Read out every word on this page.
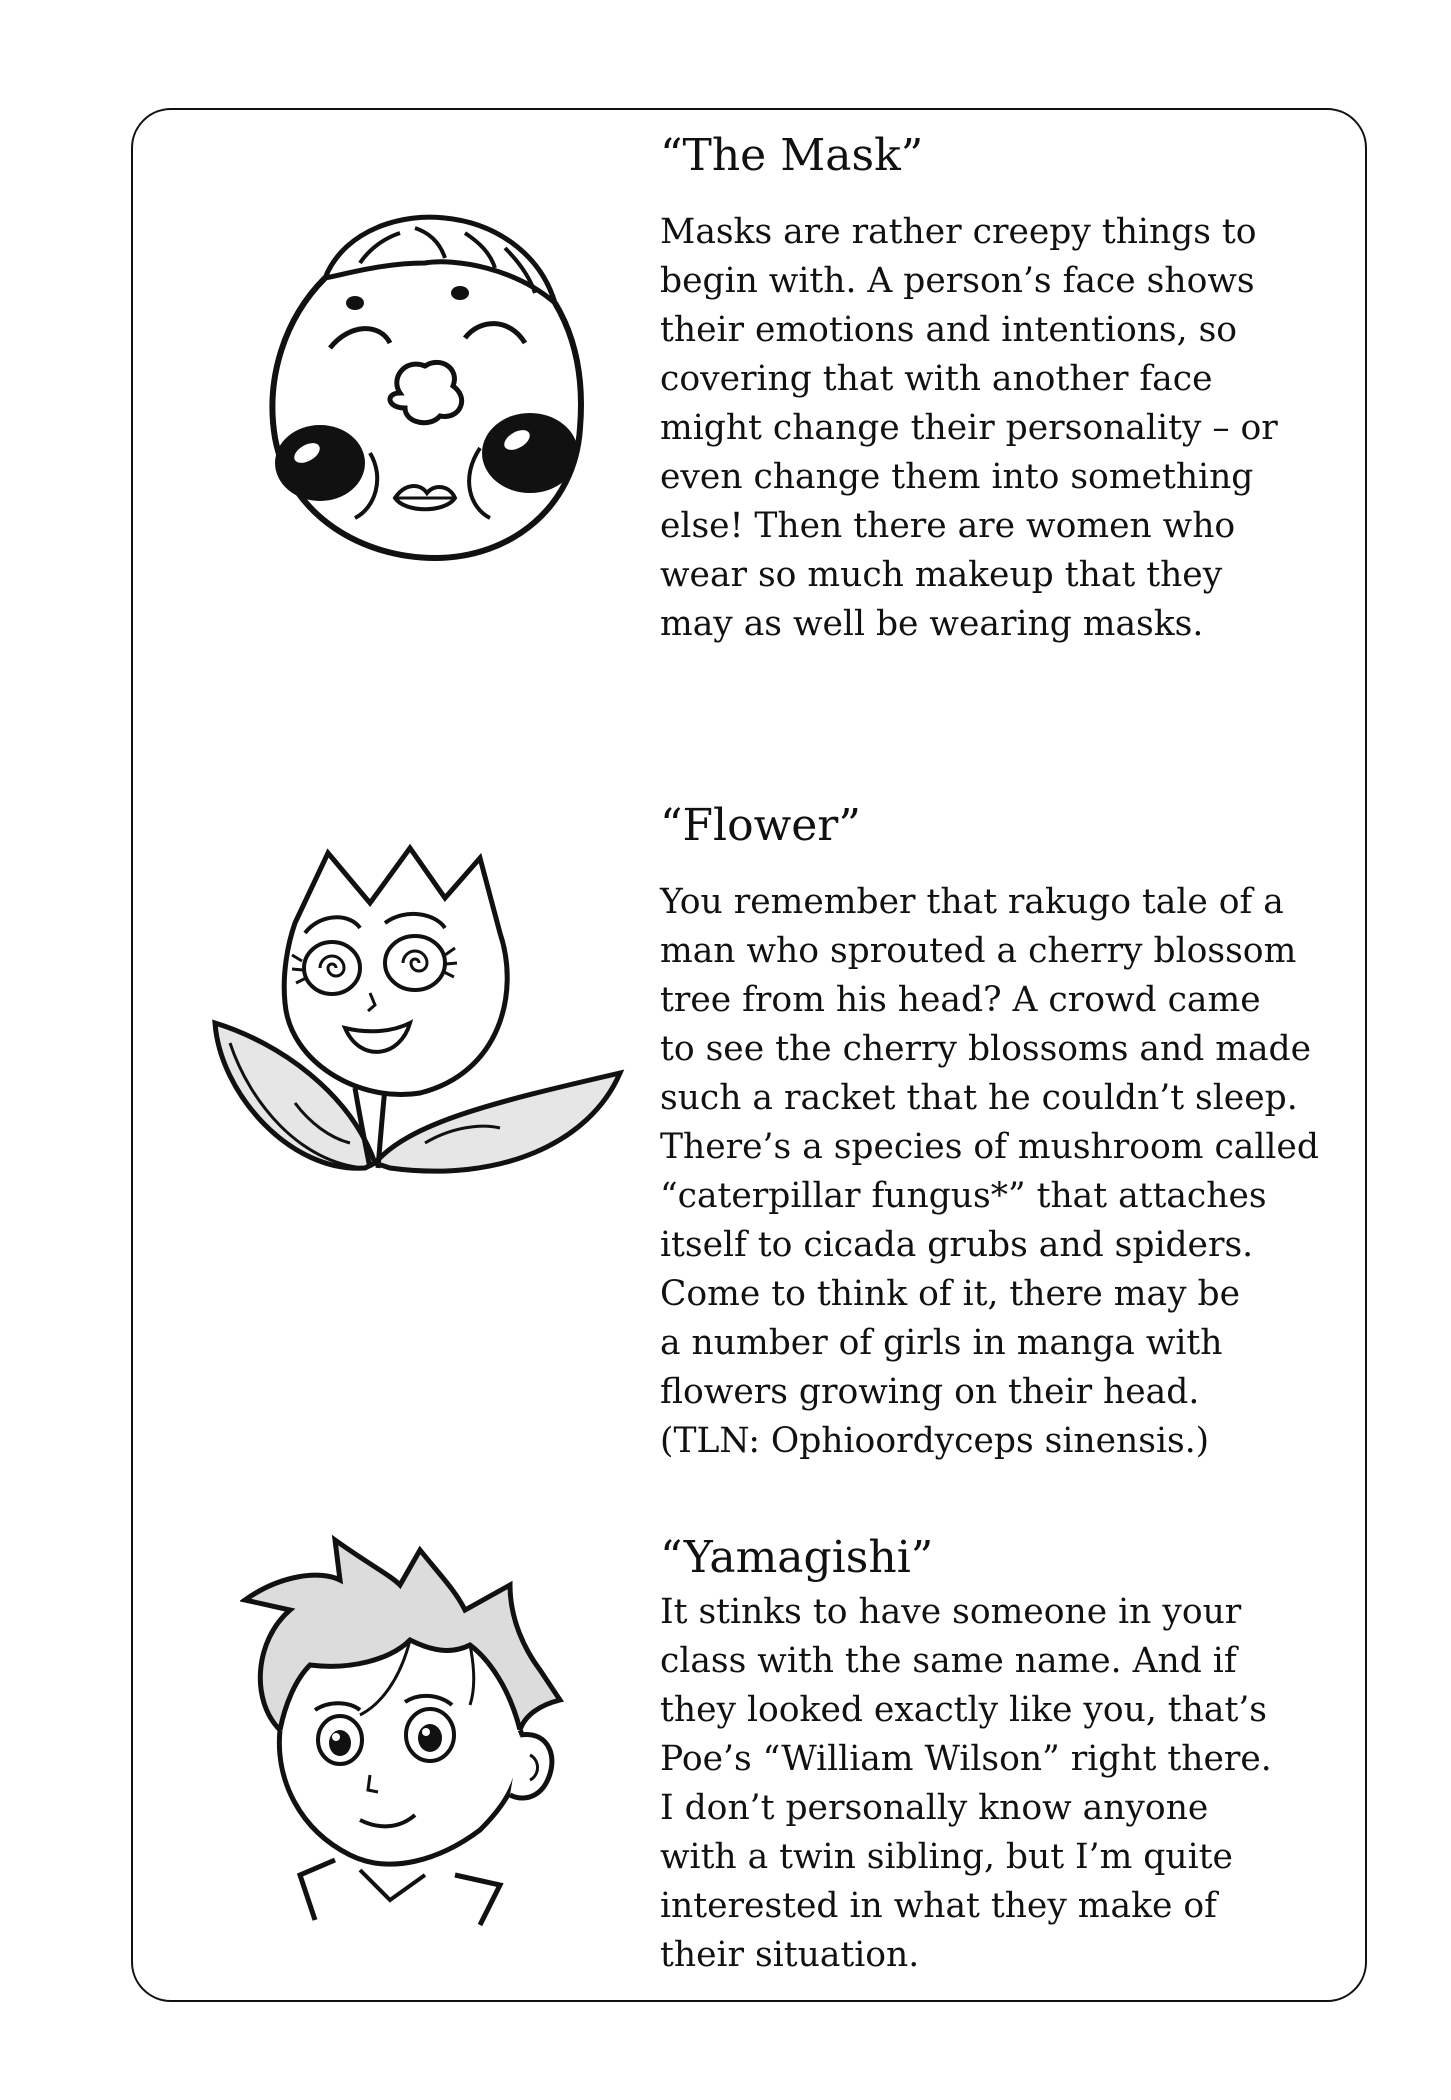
“The Mask”

Masks are rather creepy things to

begin with. A person’s face shows

their emotions and intentions, so

covering that with another face

might change their personality – or

even change them into something

else! Then there are women who

wear so much makeup that they

may as well be wearing masks.

“Flower”

You remember that rakugo tale of a

man who sprouted a cherry blossom

tree from his head? A crowd came

to see the cherry blossoms and made

such a racket that he couldn’t sleep.

There’s a species of mushroom called

“caterpillar fungus*” that attaches

itself to cicada grubs and spiders.

Come to think of it, there may be

a number of girls in manga with

flowers growing on their head.

(TLN: Ophioordyceps sinensis.)

“Yamagishi”

It stinks to have someone in your

class with the same name. And if

they looked exactly like you, that’s

Poe’s “William Wilson” right there.

I don’t personally know anyone

with a twin sibling, but I’m quite

interested in what they make of

their situation.
